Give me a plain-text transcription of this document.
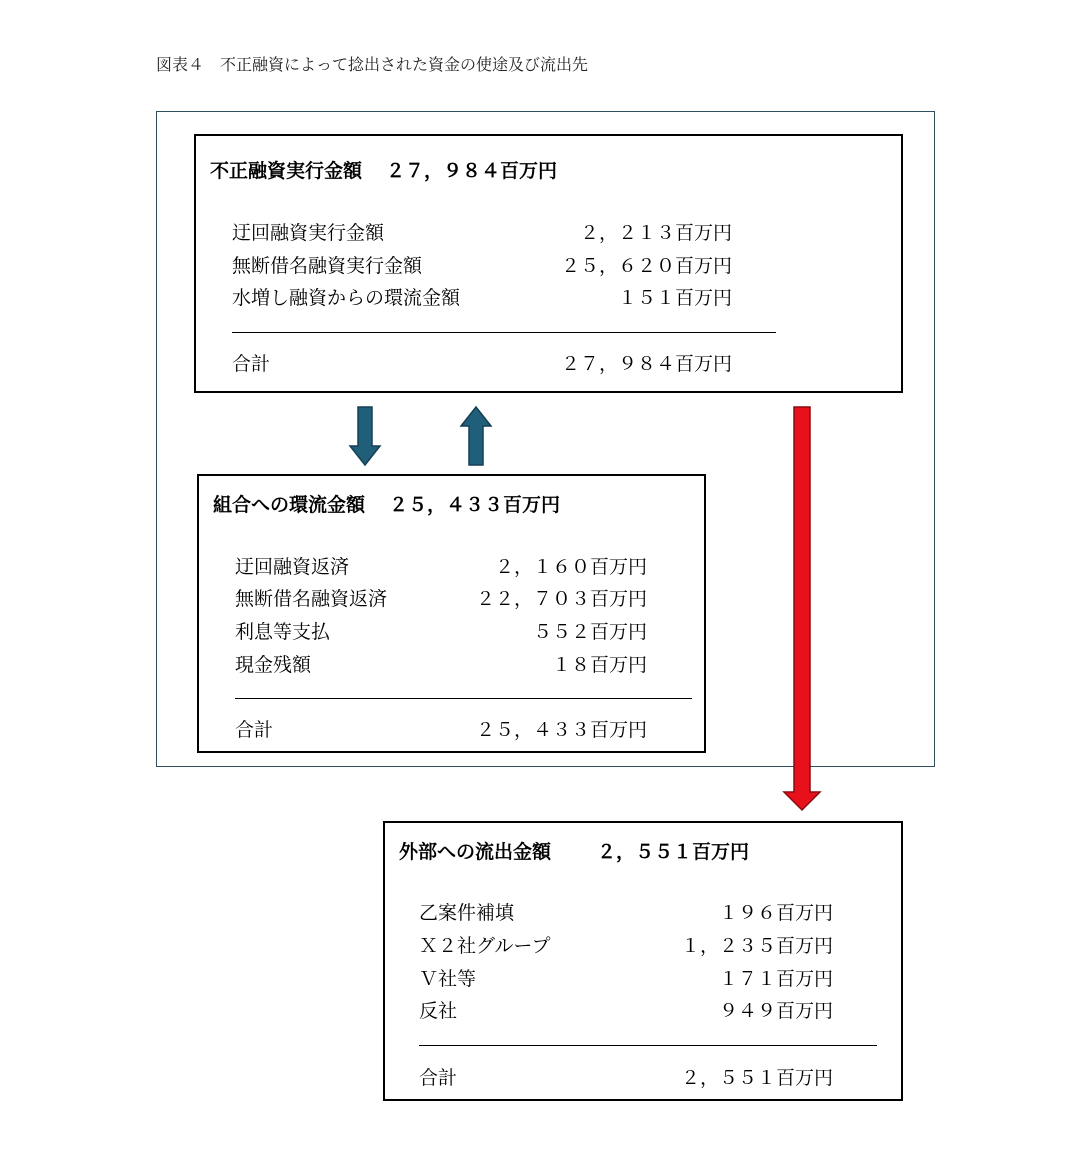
図表４　不正融資によって捻出された資金の使途及び流出先
不正融資実行金額 ２７，９８４百万円
迂回融資実行金額	２，２１３百万円
無断借名融資実行金額	２５，６２０百万円
水増し融資からの環流金額	１５１百万円
合計	２７，９８４百万円
組合への環流金額 ２５，４３３百万円
迂回融資返済	２，１６０百万円
無断借名融資返済	２２，７０３百万円
利息等支払	５５２百万円
現金残額	１８百万円
合計	２５，４３３百万円
外部への流出金額 ２，５５１百万円
乙案件補填	１９６百万円
Ｘ２社グループ	１，２３５百万円
Ｖ社等	１７１百万円
反社	９４９百万円
合計	２，５５１百万円
